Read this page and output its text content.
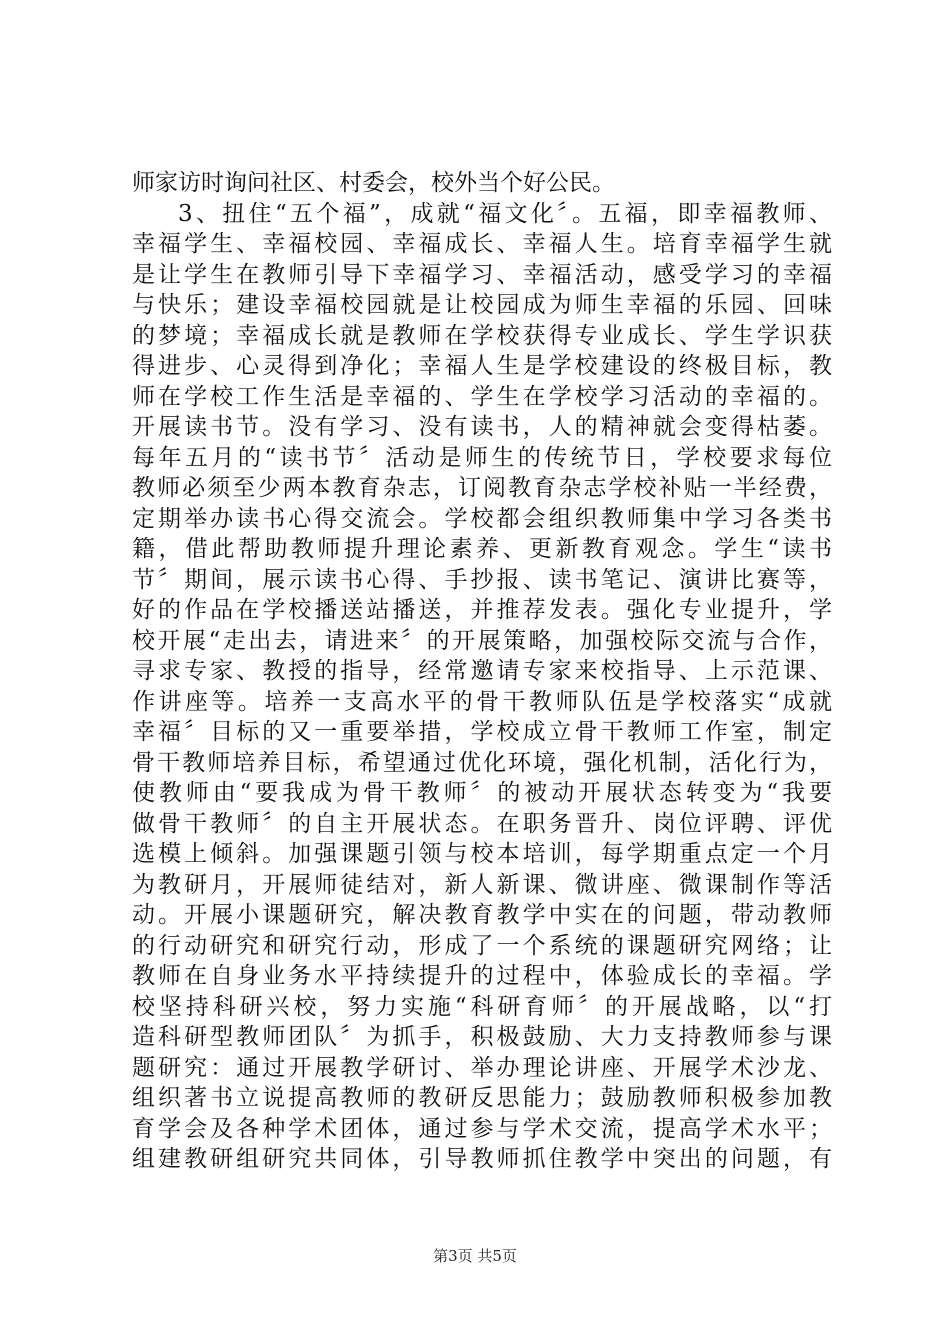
师家访时询问社区、村委会，校外当个好公民。
3、扭住“五个福”，成就“福文化〞。五福，即幸福教师、
幸福学生、幸福校园、幸福成长、幸福人生。培育幸福学生就
是让学生在教师引导下幸福学习、幸福活动，感受学习的幸福
与快乐；建设幸福校园就是让校园成为师生幸福的乐园、回味
的梦境；幸福成长就是教师在学校获得专业成长、学生学识获
得进步、心灵得到净化；幸福人生是学校建设的终极目标，教
师在学校工作生活是幸福的、学生在学校学习活动的幸福的。
开展读书节。没有学习、没有读书，人的精神就会变得枯萎。
每年五月的“读书节〞活动是师生的传统节日，学校要求每位
教师必须至少两本教育杂志，订阅教育杂志学校补贴一半经费，
定期举办读书心得交流会。学校都会组织教师集中学习各类书
籍，借此帮助教师提升理论素养、更新教育观念。学生“读书
节〞期间，展示读书心得、手抄报、读书笔记、演讲比赛等，
好的作品在学校播送站播送，并推荐发表。强化专业提升，学
校开展“走出去，请进来〞的开展策略，加强校际交流与合作，
寻求专家、教授的指导，经常邀请专家来校指导、上示范课、
作讲座等。培养一支高水平的骨干教师队伍是学校落实“成就
幸福〞目标的又一重要举措，学校成立骨干教师工作室，制定
骨干教师培养目标，希望通过优化环境，强化机制，活化行为，
使教师由“要我成为骨干教师〞的被动开展状态转变为“我要
做骨干教师〞的自主开展状态。在职务晋升、岗位评聘、评优
选模上倾斜。加强课题引领与校本培训，每学期重点定一个月
为教研月，开展师徒结对，新人新课、微讲座、微课制作等活
动。开展小课题研究，解决教育教学中实在的问题，带动教师
的行动研究和研究行动，形成了一个系统的课题研究网络；让
教师在自身业务水平持续提升的过程中，体验成长的幸福。学
校坚持科研兴校，努力实施“科研育师〞的开展战略，以“打
造科研型教师团队〞为抓手，积极鼓励、大力支持教师参与课
题研究：通过开展教学研讨、举办理论讲座、开展学术沙龙、
组织著书立说提高教师的教研反思能力；鼓励教师积极参加教
育学会及各种学术团体，通过参与学术交流，提高学术水平；
组建教研组研究共同体，引导教师抓住教学中突出的问题，有
第3页 共5页
